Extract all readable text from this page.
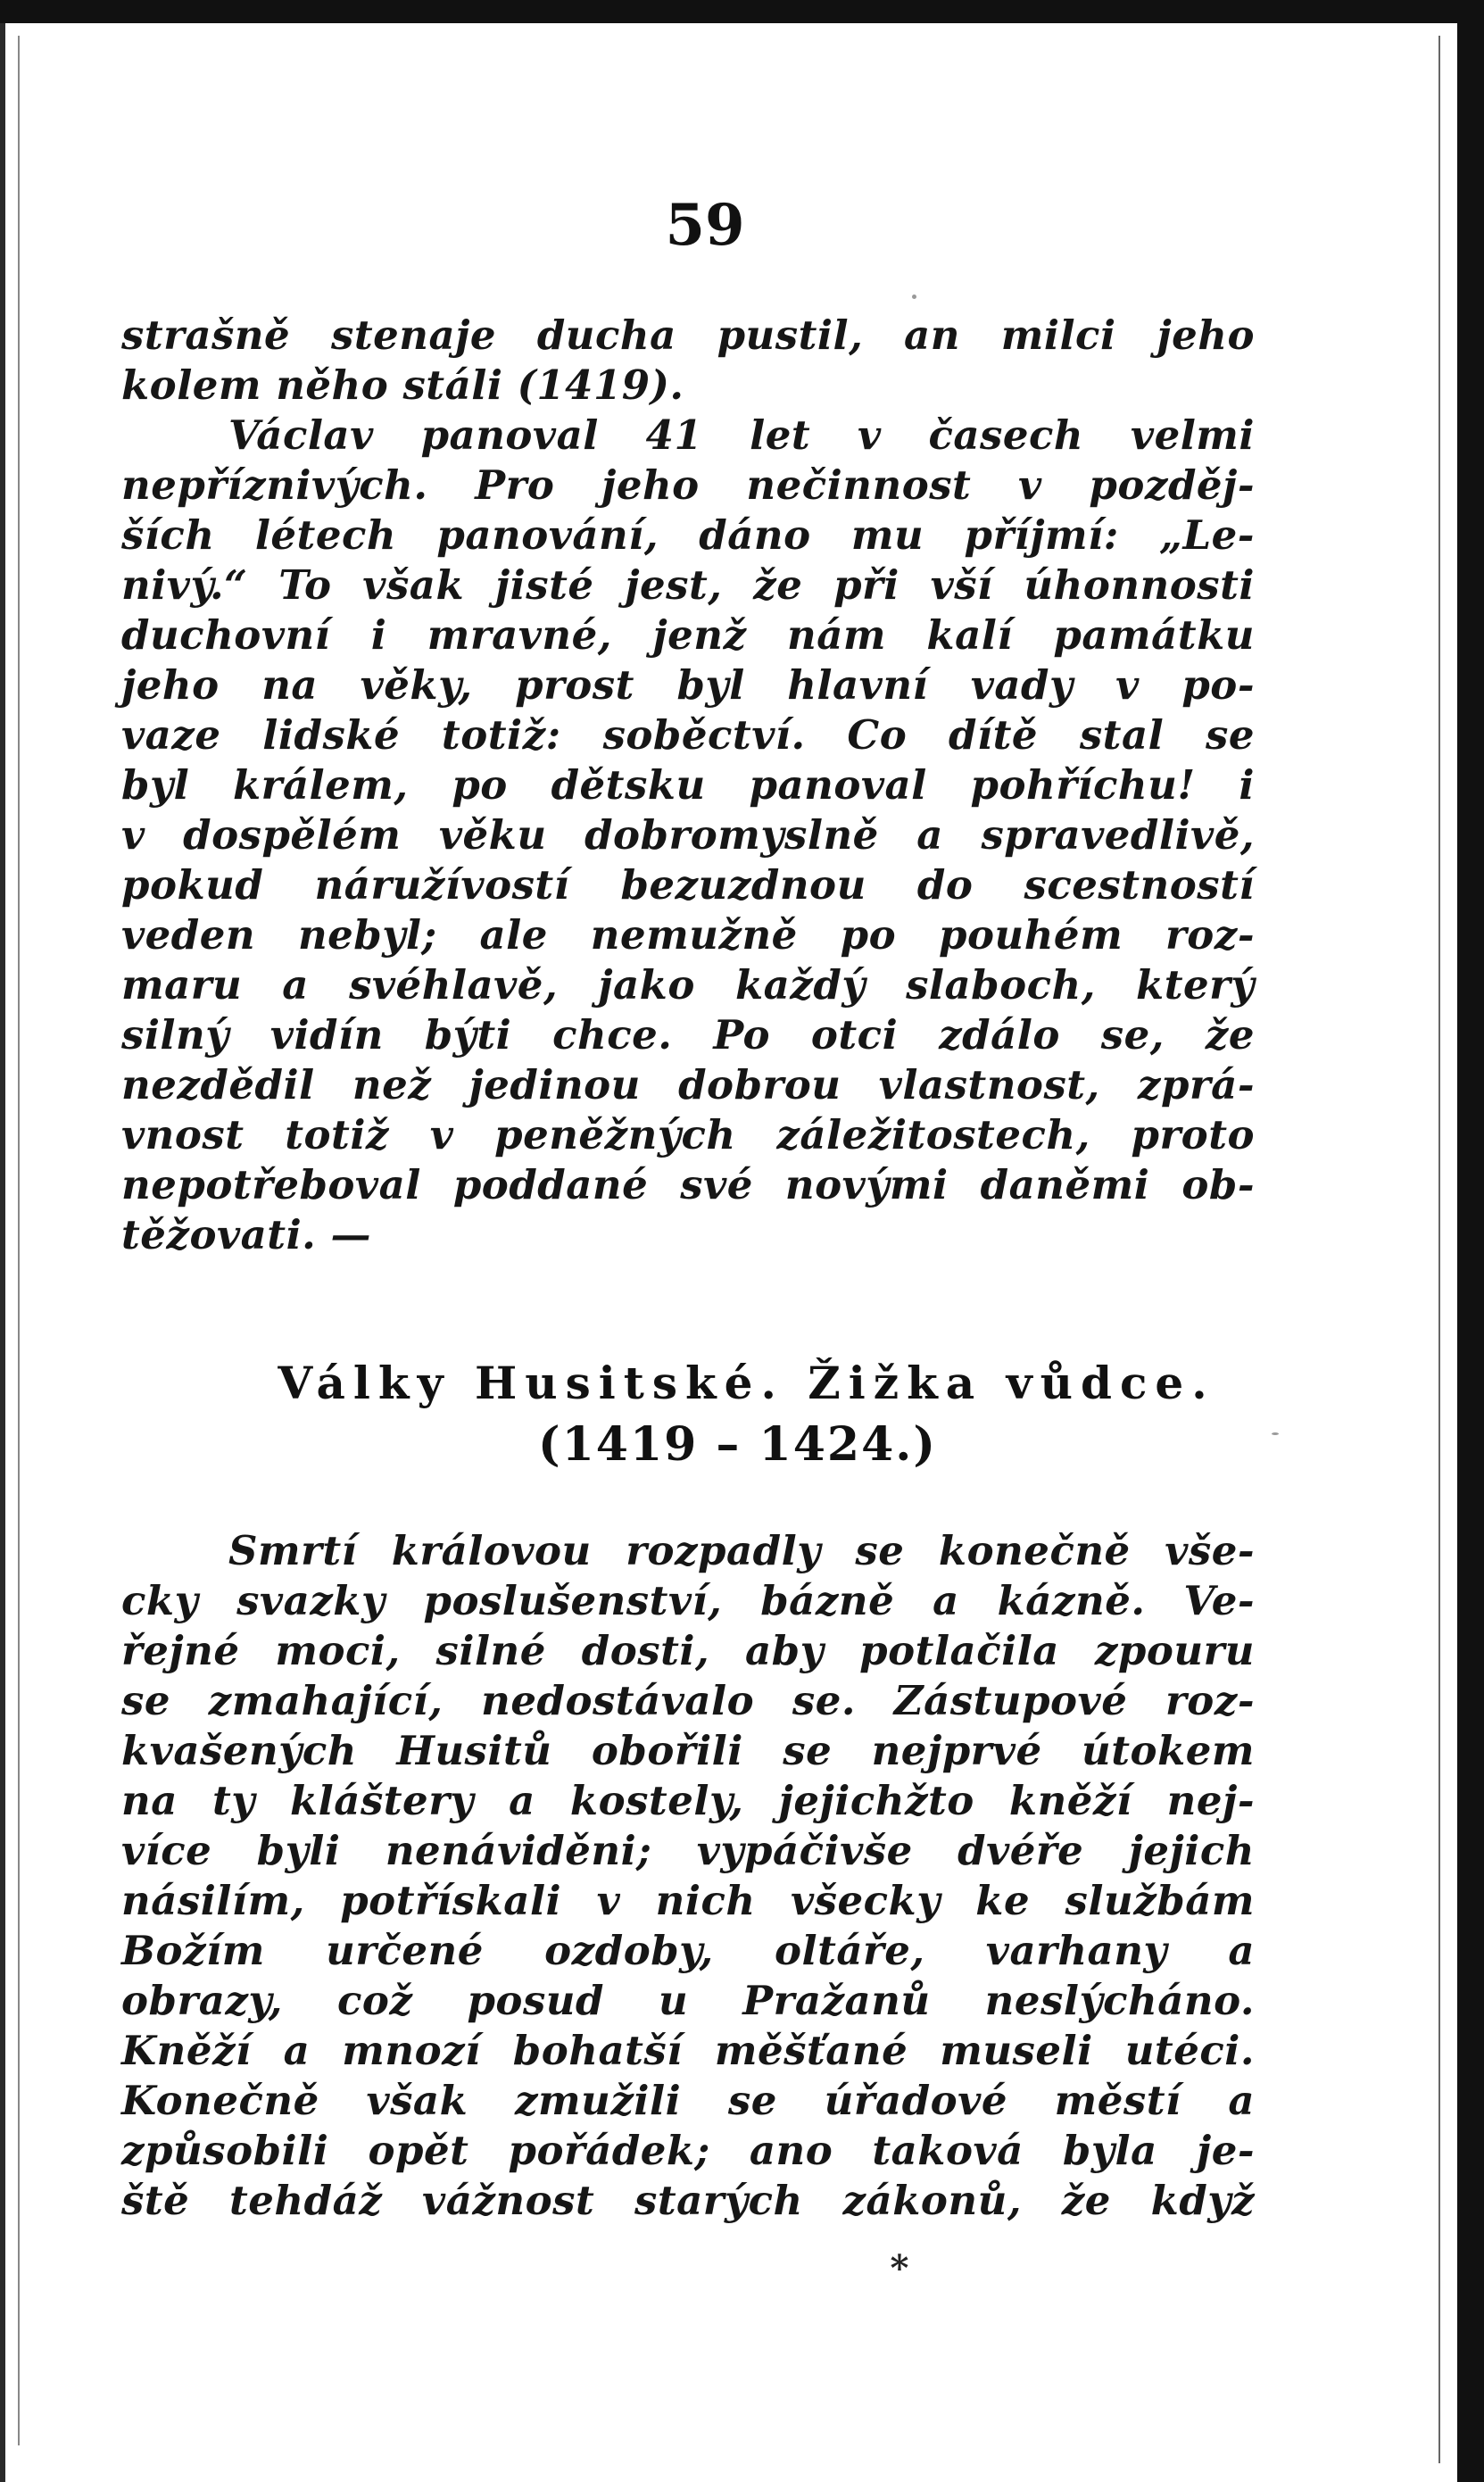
59
strašně stenaje ducha pustil, an milci jeho
kolem něho stáli (1419).
Václav panoval 41 let v časech velmi
nepříznivých. Pro jeho nečinnost v pozděj-
ších létech panování, dáno mu příjmí: „Le-
nivý.“ To však jisté jest, že při vší úhonnosti
duchovní i mravné, jenž nám kalí památku
jeho na věky, prost byl hlavní vady v po-
vaze lidské totiž: soběctví. Co dítě stal se
byl králem, po dětsku panoval pohříchu! i
v dospělém věku dobromyslně a spravedlivě,
pokud náružívostí bezuzdnou do scestností
veden nebyl; ale nemužně po pouhém roz-
maru a svéhlavě, jako každý slaboch, který
silný vidín býti chce. Po otci zdálo se, že
nezdědil než jedinou dobrou vlastnost, zprá-
vnost totiž v peněžných záležitostech, proto
nepotřeboval poddané své novými daněmi ob-
těžovati. —
Války Husitské. Žižka vůdce.
(1419 – 1424.)
Smrtí královou rozpadly se konečně vše-
cky svazky poslušenství, bázně a kázně. Ve-
řejné moci, silné dosti, aby potlačila zpouru
se zmahající, nedostávalo se. Zástupové roz-
kvašených Husitů obořili se nejprvé útokem
na ty kláštery a kostely, jejichžto kněží nej-
více byli nenáviděni; vypáčivše dvéře jejich
násilím, potřískali v nich všecky ke službám
Božím určené ozdoby, oltáře, varhany a
obrazy, což posud u Pražanů neslýcháno.
Kněží a mnozí bohatší měšťané museli utéci.
Konečně však zmužili se úřadové městí a
způsobili opět pořádek; ano taková byla je-
ště tehdáž vážnost starých zákonů, že když
*
